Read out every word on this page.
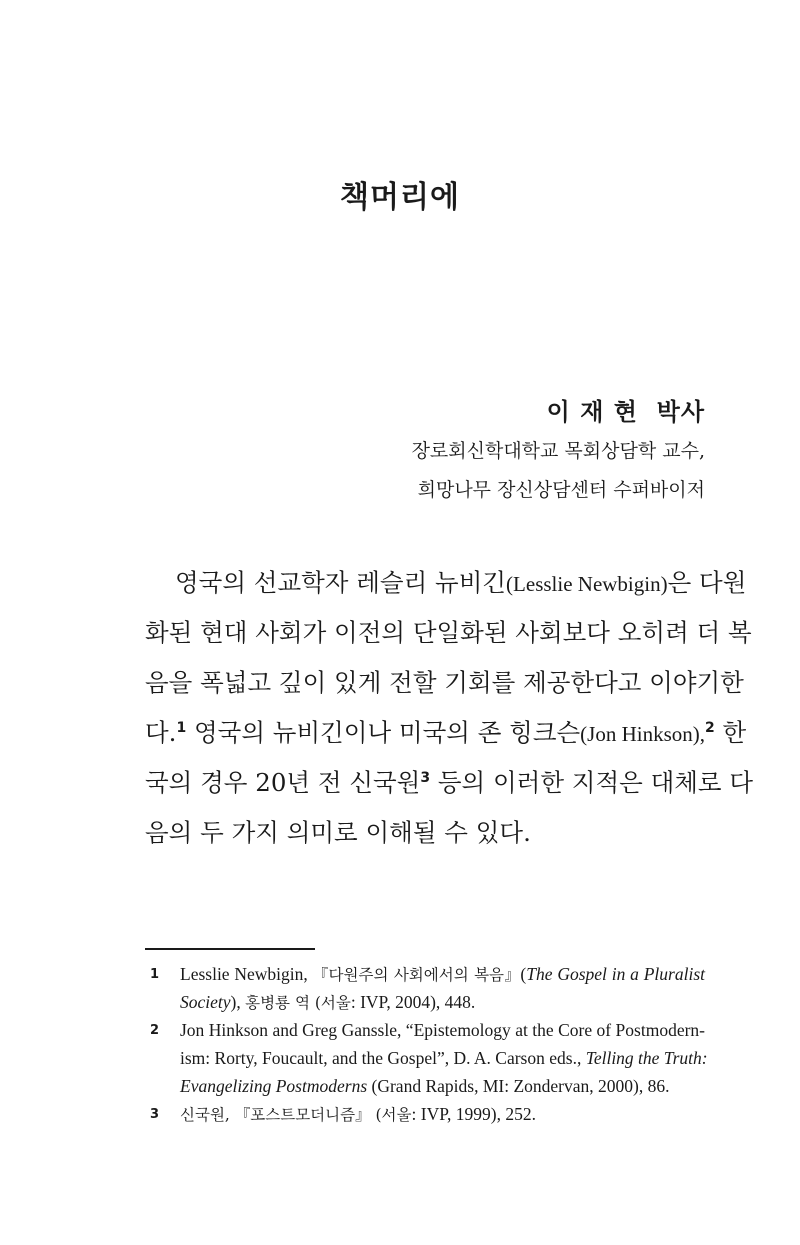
책머리에
이 재 현  박사
장로회신학대학교 목회상담학 교수,
희망나무 장신상담센터 수퍼바이저
영국의 선교학자 레슬리 뉴비긴(Lesslie Newbigin)은 다원
화된 현대 사회가 이전의 단일화된 사회보다 오히려 더 복
음을 폭넓고 깊이 있게 전할 기회를 제공한다고 이야기한
다.$^1$ 영국의 뉴비긴이나 미국의 존 힝크슨(Jon Hinkson),$^2$ 한
국의 경우 20년 전 신국원$^3$ 등의 이러한 지적은 대체로 다
음의 두 가지 의미로 이해될 수 있다.
1 Lesslie Newbigin, 『다원주의 사회에서의 복음』(The Gospel in a Pluralist
Society), 홍병룡 역 (서울: IVP, 2004), 448.
2 Jon Hinkson and Greg Ganssle, “Epistemology at the Core of Postmodern-
ism: Rorty, Foucault, and the Gospel”, D. A. Carson eds., Telling the Truth:
Evangelizing Postmoderns (Grand Rapids, MI: Zondervan, 2000), 86.
3 신국원, 『포스트모더니즘』 (서울: IVP, 1999), 252.
